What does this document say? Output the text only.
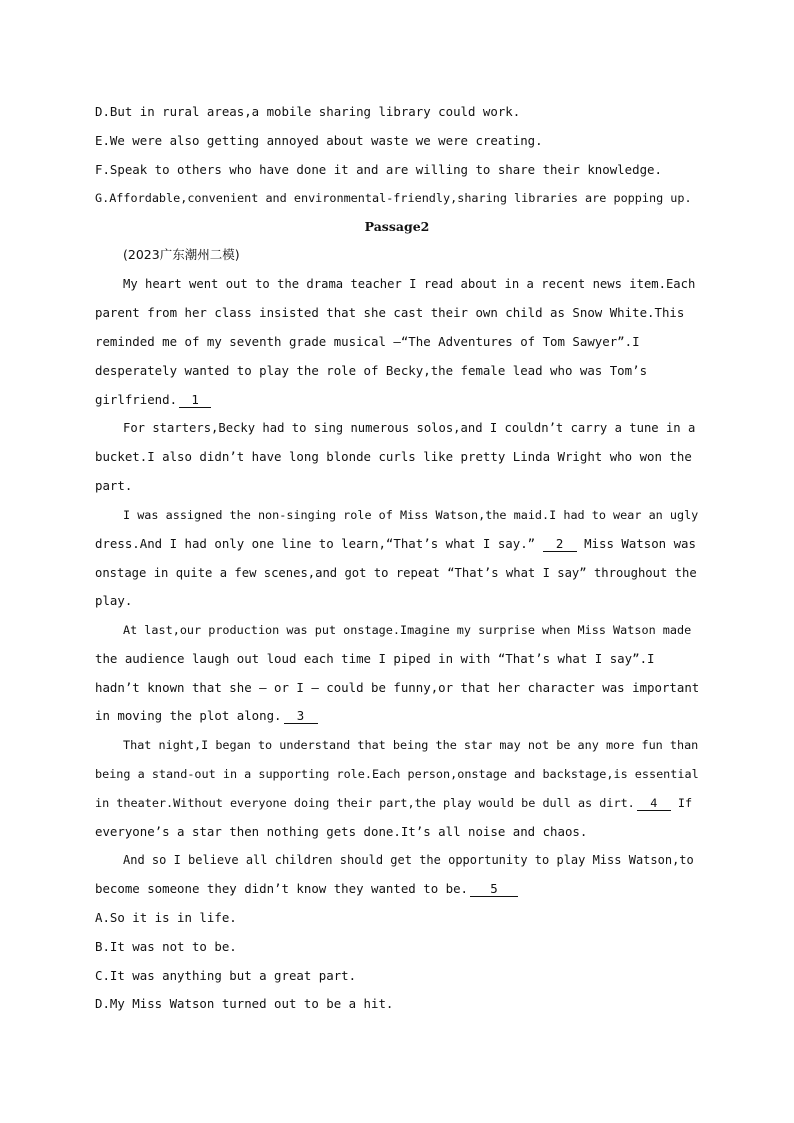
D.But in rural areas,a mobile sharing library could work.
E.We were also getting annoyed about waste we were creating.
F.Speak to others who have done it and are willing to share their knowledge.
G.Affordable,convenient and environmental-friendly,sharing libraries are popping up.
Passage2
(2023广东潮州二模)
My heart went out to the drama teacher I read about in a recent news item.Each
parent from her class insisted that she cast their own child as Snow White.This
reminded me of my seventh grade musical —“The Adventures of Tom Sawyer”.I
desperately wanted to play the role of Becky,the female lead who was Tom’s
girlfriend. 1
For starters,Becky had to sing numerous solos,and I couldn’t carry a tune in a
bucket.I also didn’t have long blonde curls like pretty Linda Wright who won the
part.
I was assigned the non-singing role of Miss Watson,the maid.I had to wear an ugly
dress.And I had only one line to learn,“That’s what I say.” 2 Miss Watson was
onstage in quite a few scenes,and got to repeat “That’s what I say” throughout the
play.
At last,our production was put onstage.Imagine my surprise when Miss Watson made
the audience laugh out loud each time I piped in with “That’s what I say”.I
hadn’t known that she — or I — could be funny,or that her character was important
in moving the plot along. 3
That night,I began to understand that being the star may not be any more fun than
being a stand-out in a supporting role.Each person,onstage and backstage,is essential
in theater.Without everyone doing their part,the play would be dull as dirt. 4 If
everyone’s a star then nothing gets done.It’s all noise and chaos.
And so I believe all children should get the opportunity to play Miss Watson,to
become someone they didn’t know they wanted to be. 5
A.So it is in life.
B.It was not to be.
C.It was anything but a great part.
D.My Miss Watson turned out to be a hit.
